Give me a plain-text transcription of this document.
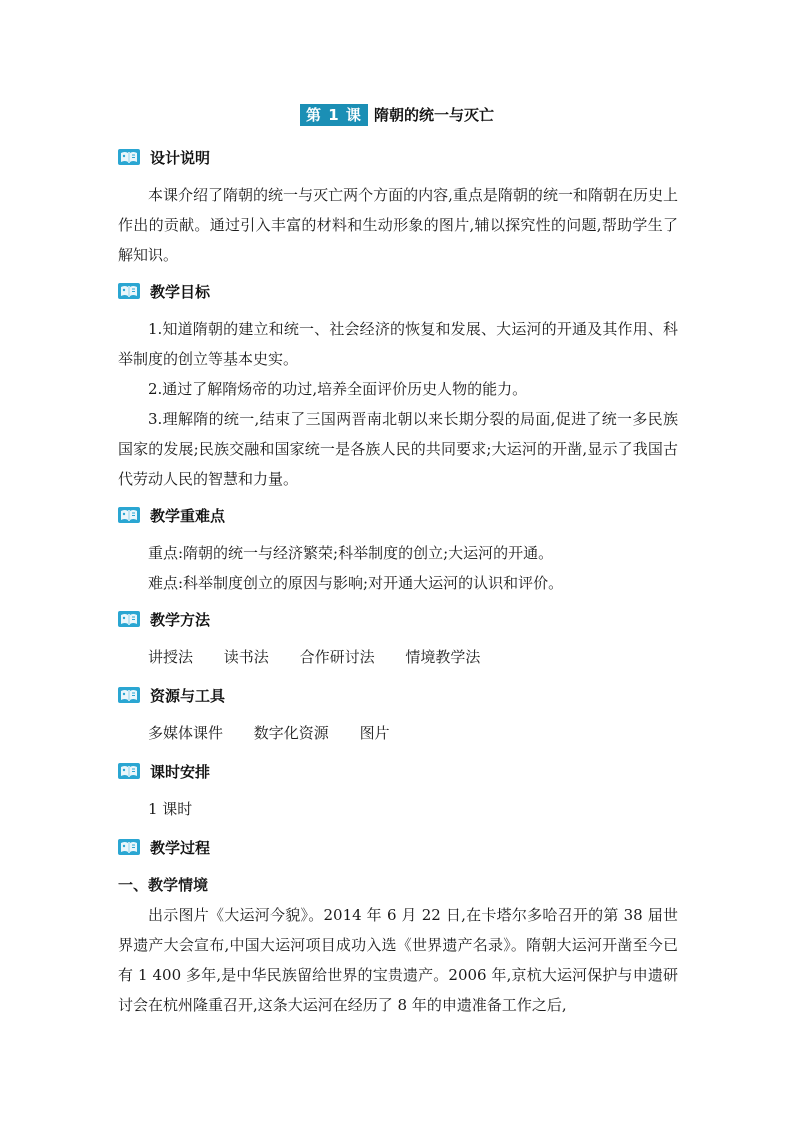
第 1 课 隋朝的统一与灭亡
设计说明

本课介绍了隋朝的统一与灭亡两个方面的内容,重点是隋朝的统一和隋朝在历史上作出的贡献。通过引入丰富的材料和生动形象的图片,辅以探究性的问题,帮助学生了解知识。

教学目标

1.知道隋朝的建立和统一、社会经济的恢复和发展、大运河的开通及其作用、科举制度的创立等基本史实。

2.通过了解隋炀帝的功过,培养全面评价历史人物的能力。

3.理解隋的统一,结束了三国两晋南北朝以来长期分裂的局面,促进了统一多民族国家的发展;民族交融和国家统一是各族人民的共同要求;大运河的开凿,显示了我国古代劳动人民的智慧和力量。

教学重难点

重点:隋朝的统一与经济繁荣;科举制度的创立;大运河的开通。

难点:科举制度创立的原因与影响;对开通大运河的认识和评价。

教学方法
讲授法 读书法 合作研讨法 情境教学法
资源与工具
多媒体课件 数字化资源 图片
课时安排
1 课时
教学过程
一、教学情境

出示图片《大运河今貌》。2014 年 6 月 22 日,在卡塔尔多哈召开的第 38 届世界遗产大会宣布,中国大运河项目成功入选《世界遗产名录》。隋朝大运河开凿至今已有 1 400 多年,是中华民族留给世界的宝贵遗产。2006 年,京杭大运河保护与申遗研讨会在杭州隆重召开,这条大运河在经历了 8 年的申遗准备工作之后,
